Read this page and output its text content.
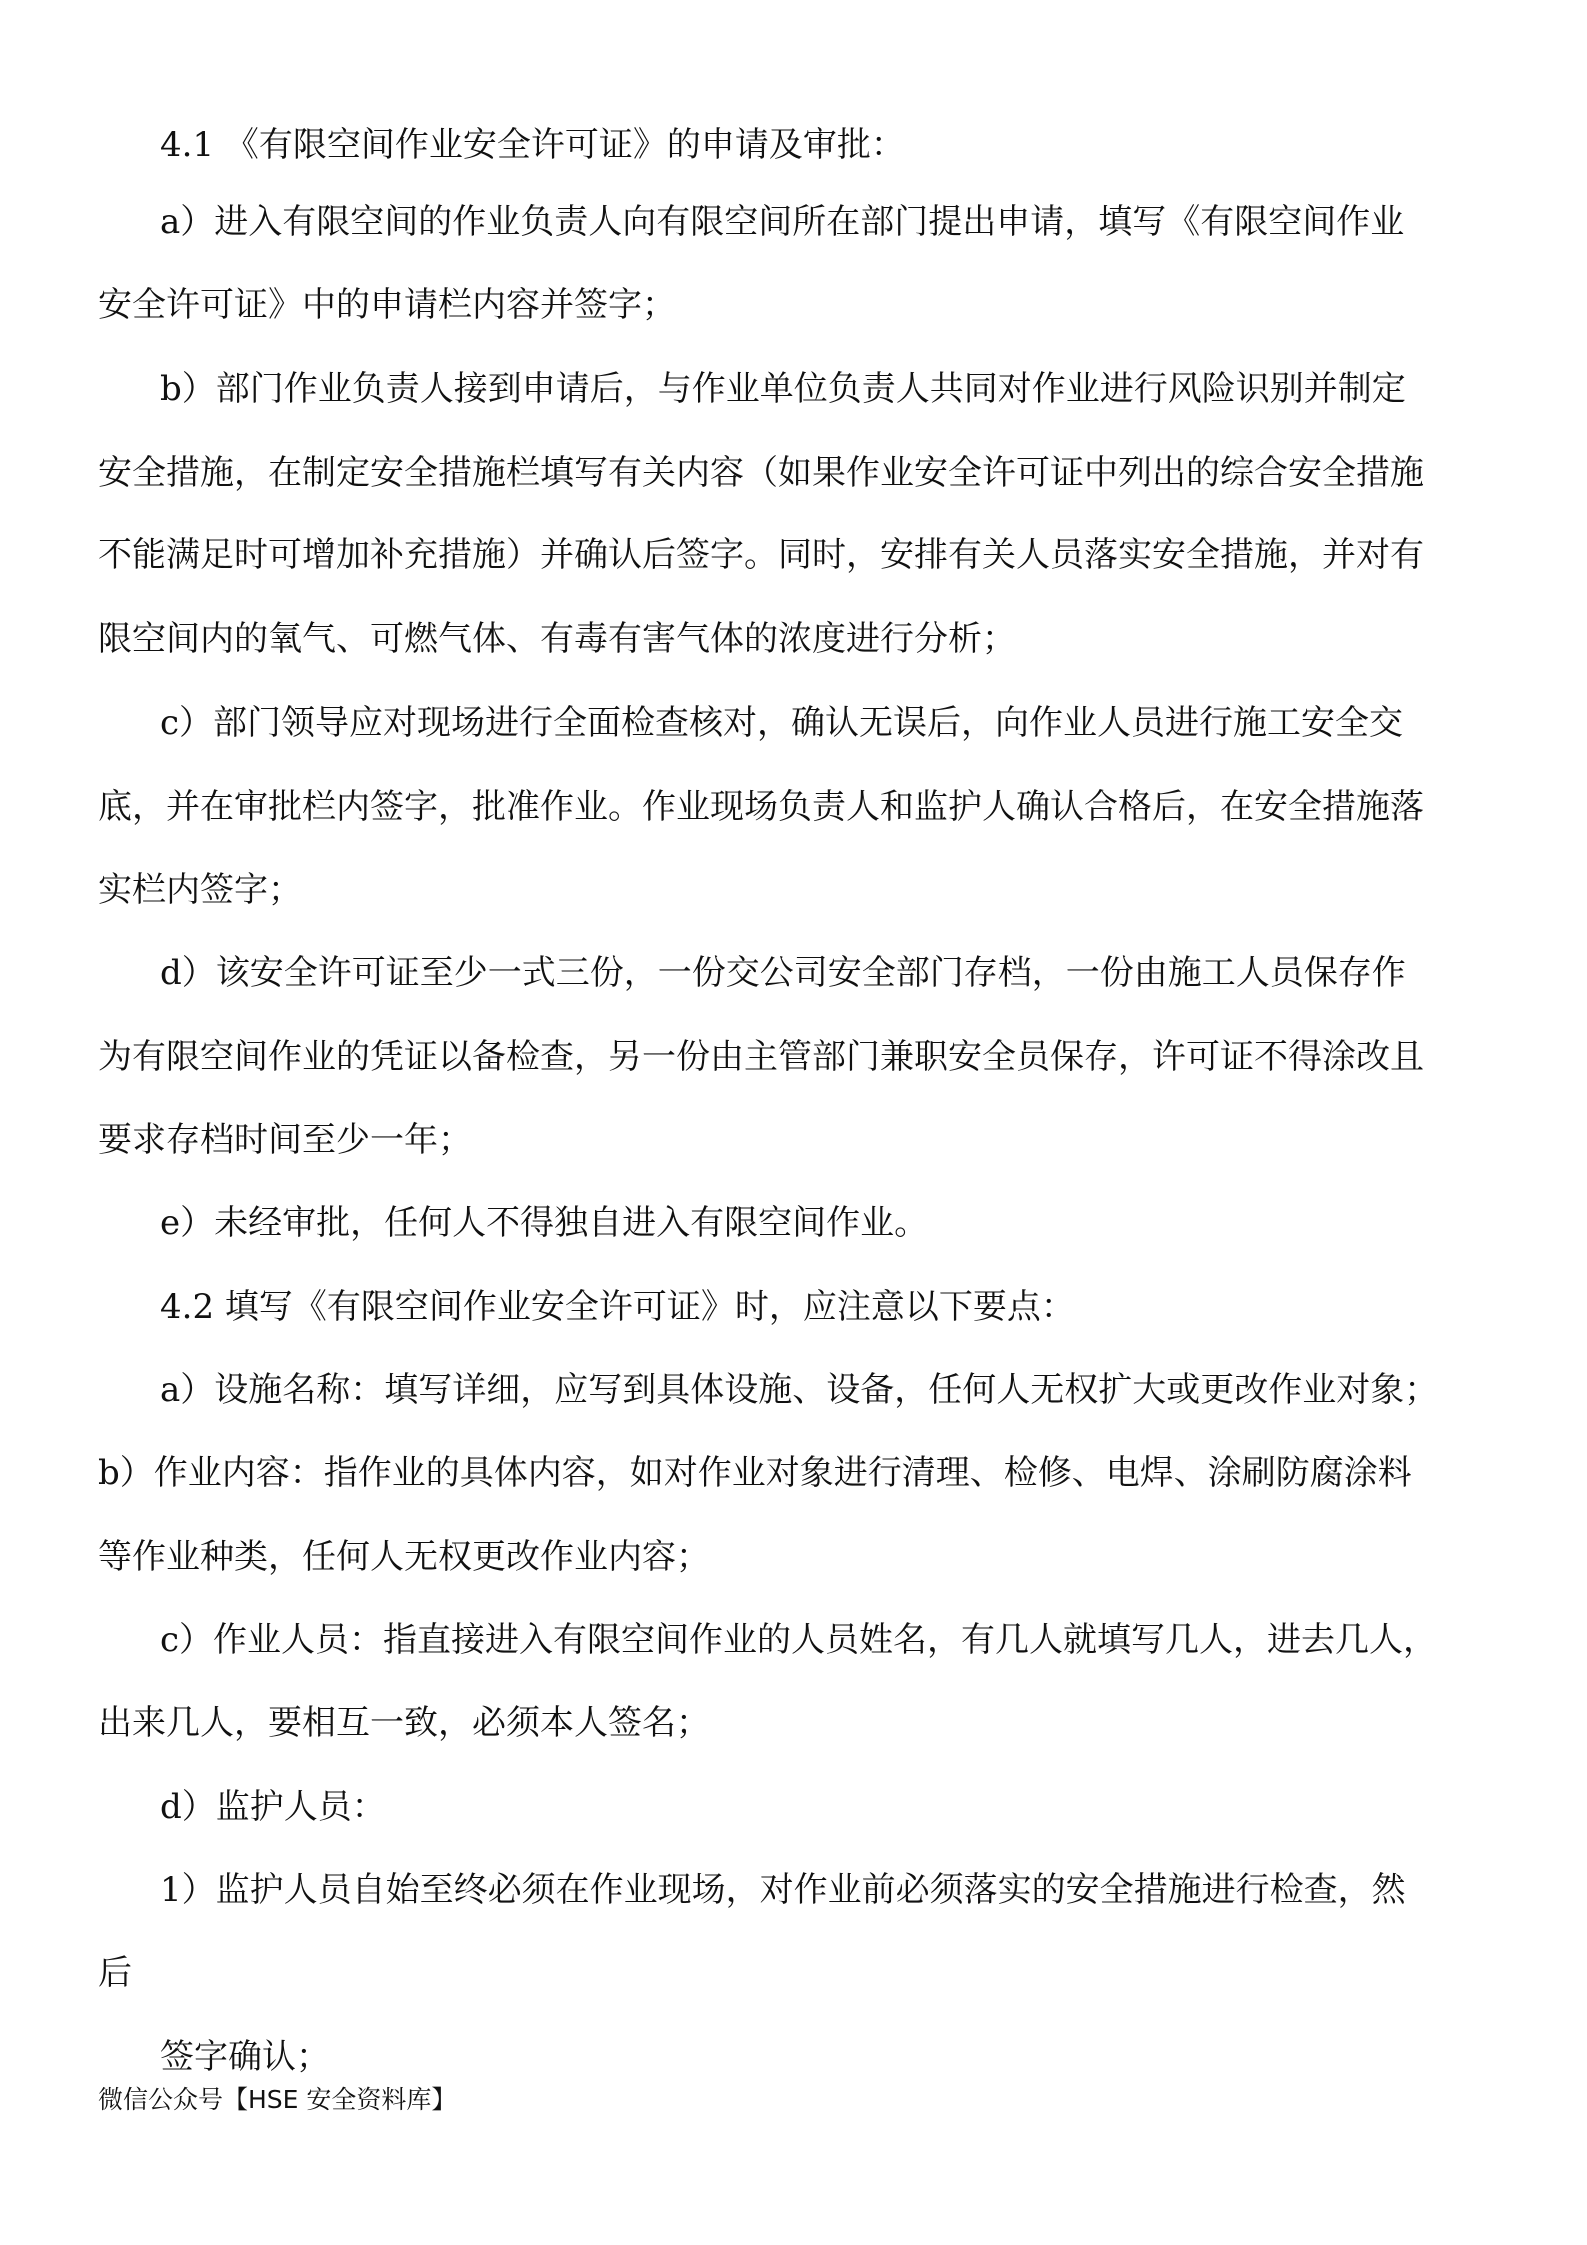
4.1 《有限空间作业安全许可证》的申请及审批：
a）进入有限空间的作业负责人向有限空间所在部门提出申请，填写《有限空间作业
安全许可证》中的申请栏内容并签字；
b）部门作业负责人接到申请后，与作业单位负责人共同对作业进行风险识别并制定
安全措施，在制定安全措施栏填写有关内容（如果作业安全许可证中列出的综合安全措施
不能满足时可增加补充措施）并确认后签字。同时，安排有关人员落实安全措施，并对有
限空间内的氧气、可燃气体、有毒有害气体的浓度进行分析；
c）部门领导应对现场进行全面检查核对，确认无误后，向作业人员进行施工安全交
底，并在审批栏内签字，批准作业。作业现场负责人和监护人确认合格后，在安全措施落
实栏内签字；
d）该安全许可证至少一式三份，一份交公司安全部门存档，一份由施工人员保存作
为有限空间作业的凭证以备检查，另一份由主管部门兼职安全员保存，许可证不得涂改且
要求存档时间至少一年；
e）未经审批，任何人不得独自进入有限空间作业。
4.2 填写《有限空间作业安全许可证》时，应注意以下要点：
a）设施名称：填写详细，应写到具体设施、设备，任何人无权扩大或更改作业对象；
b）作业内容：指作业的具体内容，如对作业对象进行清理、检修、电焊、涂刷防腐涂料
等作业种类，任何人无权更改作业内容；
c）作业人员：指直接进入有限空间作业的人员姓名，有几人就填写几人，进去几人，
出来几人，要相互一致，必须本人签名；
d）监护人员：
1）监护人员自始至终必须在作业现场，对作业前必须落实的安全措施进行检查，然
后
签字确认；
微信公众号【HSE 安全资料库】
